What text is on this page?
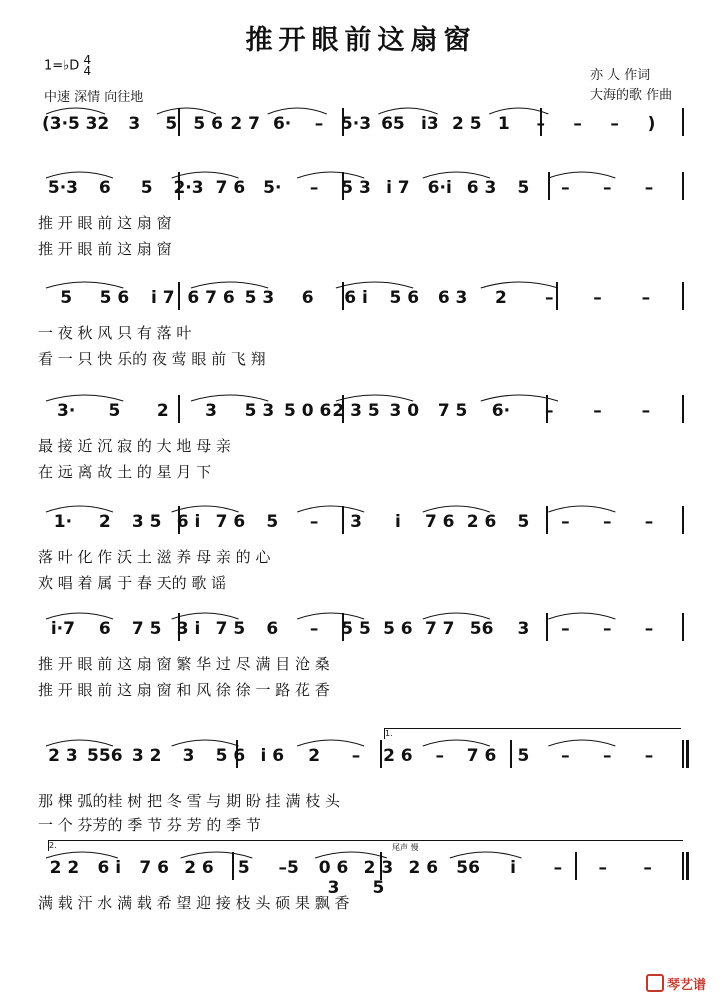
推开眼前这扇窗
1=♭D 4
4
中速 深情 向往地
亦 人 作词
大海的歌 作曲
(3·5 32	3	5 5 6 2 7 6·	–	5·3 65 i3 2 5 1	–	–	–	)
5·3	6	5	2·3 7 6	5·	–	5 3 i 7	6·i 6 3	5	–	–	–
推 开 眼 前 这 扇 窗
推 开 眼 前 这 扇 窗
5	5 6	i 7 6 7 6 5 3	6	6 i	5 6	6 3	2	–	–	–
一 夜 秋 风 只 有 落 叶
看 一 只 快 乐的 夜 莺 眼 前 飞 翔
3·	5	2	3	5 3 5 0 6 2 3 5 3 0	7 5	6·	–	–	–
最 接 近 沉 寂 的 大 地 母 亲
在 远 离 故 土 的 星 月 下
1·	2	3 5 6 i 7 6	5	–	3	i	7 6 2 6	5	–	–	–
落 叶 化 作 沃 土 滋 养 母 亲 的 心
欢 唱 着 属 于 春 天的 歌 谣
i·7	6	7 5 3 i 7 5	6	–	5 5 5 6 7 7 56	3	–	–	–
推 开 眼 前 这 扇 窗 繁 华 过 尽 满 目 沧 桑
推 开 眼 前 这 扇 窗 和 风 徐 徐 一 路 花 香
2 3 556 3 2	3	5 6 i 6	2	–	2 6	–	7 6	5	–	–	–
1.
那 棵 弧的桂 树 把 冬 雪 与 期 盼 挂 满 枝 头
一 个 芬芳的 季 节 芬 芳 的 季 节
2 2	6 i	7 6 2 6	5	–5	0 6 3
2 3 5
2 6	56	i	–	–	–
2.	尾声 慢
满 载 汗 水 满 载 希 望 迎 接 枝 头 硕 果 飘 香
琴艺谱
